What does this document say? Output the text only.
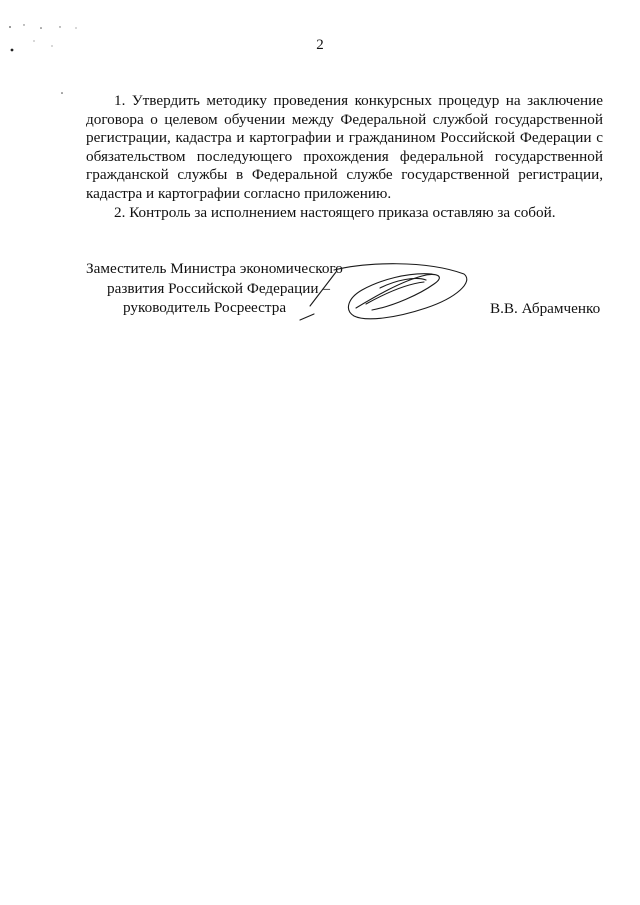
2

1. Утвердить методику проведения конкурсных процедур на заключение договора о целевом обучении между Федеральной службой государственной регистрации, кадастра и картографии и гражданином Российской Федерации с обязательством последующего прохождения федеральной государственной гражданской службы в Федеральной службе государственной регистрации, кадастра и картографии согласно приложению.

2. Контроль за исполнением настоящего приказа оставляю за собой.

Заместитель Министра экономического
развития Российской Федерации –
руководитель Росреестра	В.В. Абрамченко
